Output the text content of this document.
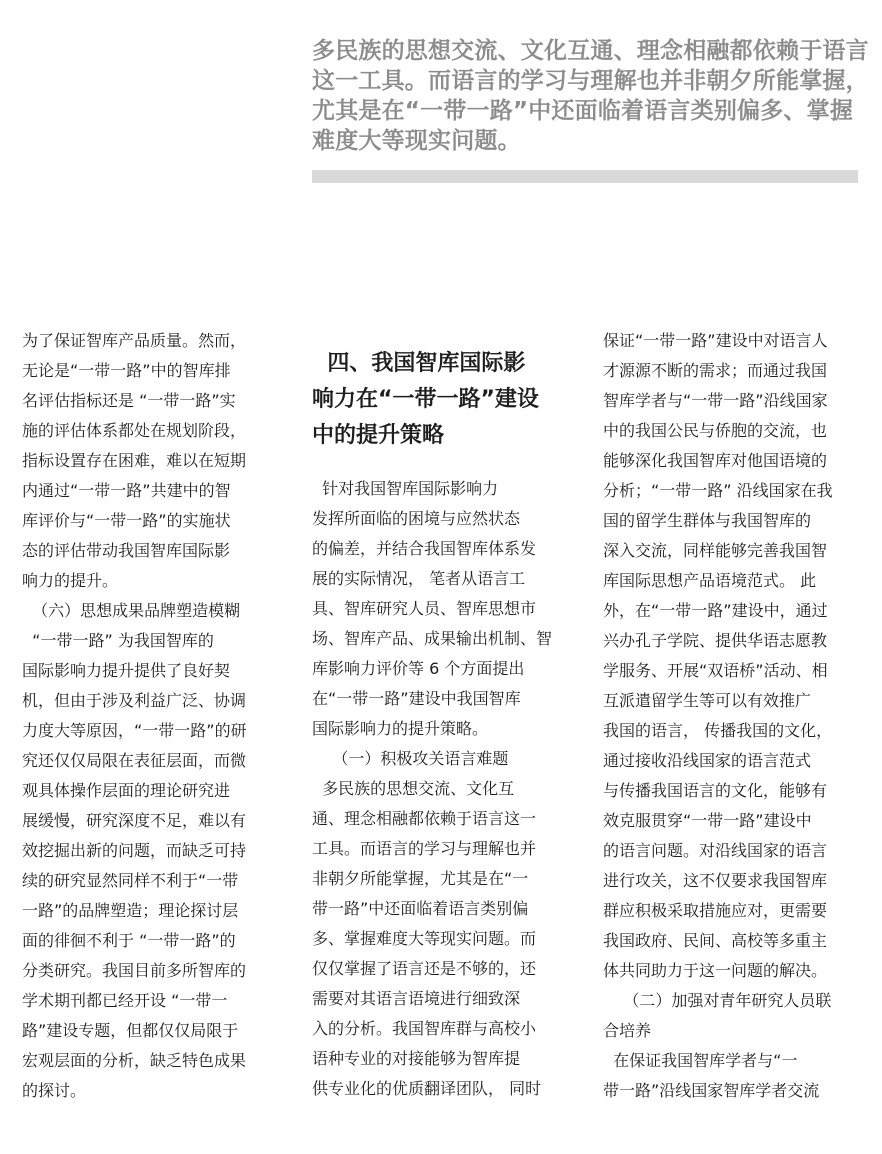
多民族的思想交流、文化互通、理念相融都依赖于语言
这一工具。而语言的学习与理解也并非朝夕所能掌握，
尤其是在“一带一路”中还面临着语言类别偏多、掌握
难度大等现实问题。
为了保证智库产品质量。然而，
无论是“一带一路”中的智库排
名评估指标还是 “一带一路”实
施的评估体系都处在规划阶段，
指标设置存在困难，难以在短期
内通过“一带一路”共建中的智
库评价与“一带一路”的实施状
态的评估带动我国智库国际影
响力的提升。
（六）思想成果品牌塑造模糊
“一带一路” 为我国智库的
国际影响力提升提供了良好契
机，但由于涉及利益广泛、协调
力度大等原因，“一带一路”的研
究还仅仅局限在表征层面，而微
观具体操作层面的理论研究进
展缓慢，研究深度不足，难以有
效挖掘出新的问题，而缺乏可持
续的研究显然同样不利于“一带
一路”的品牌塑造；理论探讨层
面的徘徊不利于 “一带一路”的
分类研究。我国目前多所智库的
学术期刊都已经开设 “一带一
路”建设专题，但都仅仅局限于
宏观层面的分析，缺乏特色成果
的探讨。
四、我国智库国际影
响力在“一带一路”建设
中的提升策略
针对我国智库国际影响力
发挥所面临的困境与应然状态
的偏差，并结合我国智库体系发
展的实际情况， 笔者从语言工
具、智库研究人员、智库思想市
场、智库产品、成果输出机制、智
库影响力评价等 6 个方面提出
在“一带一路”建设中我国智库
国际影响力的提升策略。
（一）积极攻关语言难题
多民族的思想交流、文化互
通、理念相融都依赖于语言这一
工具。而语言的学习与理解也并
非朝夕所能掌握，尤其是在“一
带一路”中还面临着语言类别偏
多、掌握难度大等现实问题。而
仅仅掌握了语言还是不够的，还
需要对其语言语境进行细致深
入的分析。我国智库群与高校小
语种专业的对接能够为智库提
供专业化的优质翻译团队， 同时
保证“一带一路”建设中对语言人
才源源不断的需求；而通过我国
智库学者与“一带一路”沿线国家
中的我国公民与侨胞的交流，也
能够深化我国智库对他国语境的
分析；“一带一路” 沿线国家在我
国的留学生群体与我国智库的
深入交流，同样能够完善我国智
库国际思想产品语境范式。 此
外，在“一带一路”建设中，通过
兴办孔子学院、提供华语志愿教
学服务、开展“双语桥”活动、相
互派遣留学生等可以有效推广
我国的语言， 传播我国的文化，
通过接收沿线国家的语言范式
与传播我国语言的文化，能够有
效克服贯穿“一带一路”建设中
的语言问题。对沿线国家的语言
进行攻关，这不仅要求我国智库
群应积极采取措施应对，更需要
我国政府、民间、高校等多重主
体共同助力于这一问题的解决。
（二）加强对青年研究人员联
合培养
在保证我国智库学者与“一
带一路”沿线国家智库学者交流
